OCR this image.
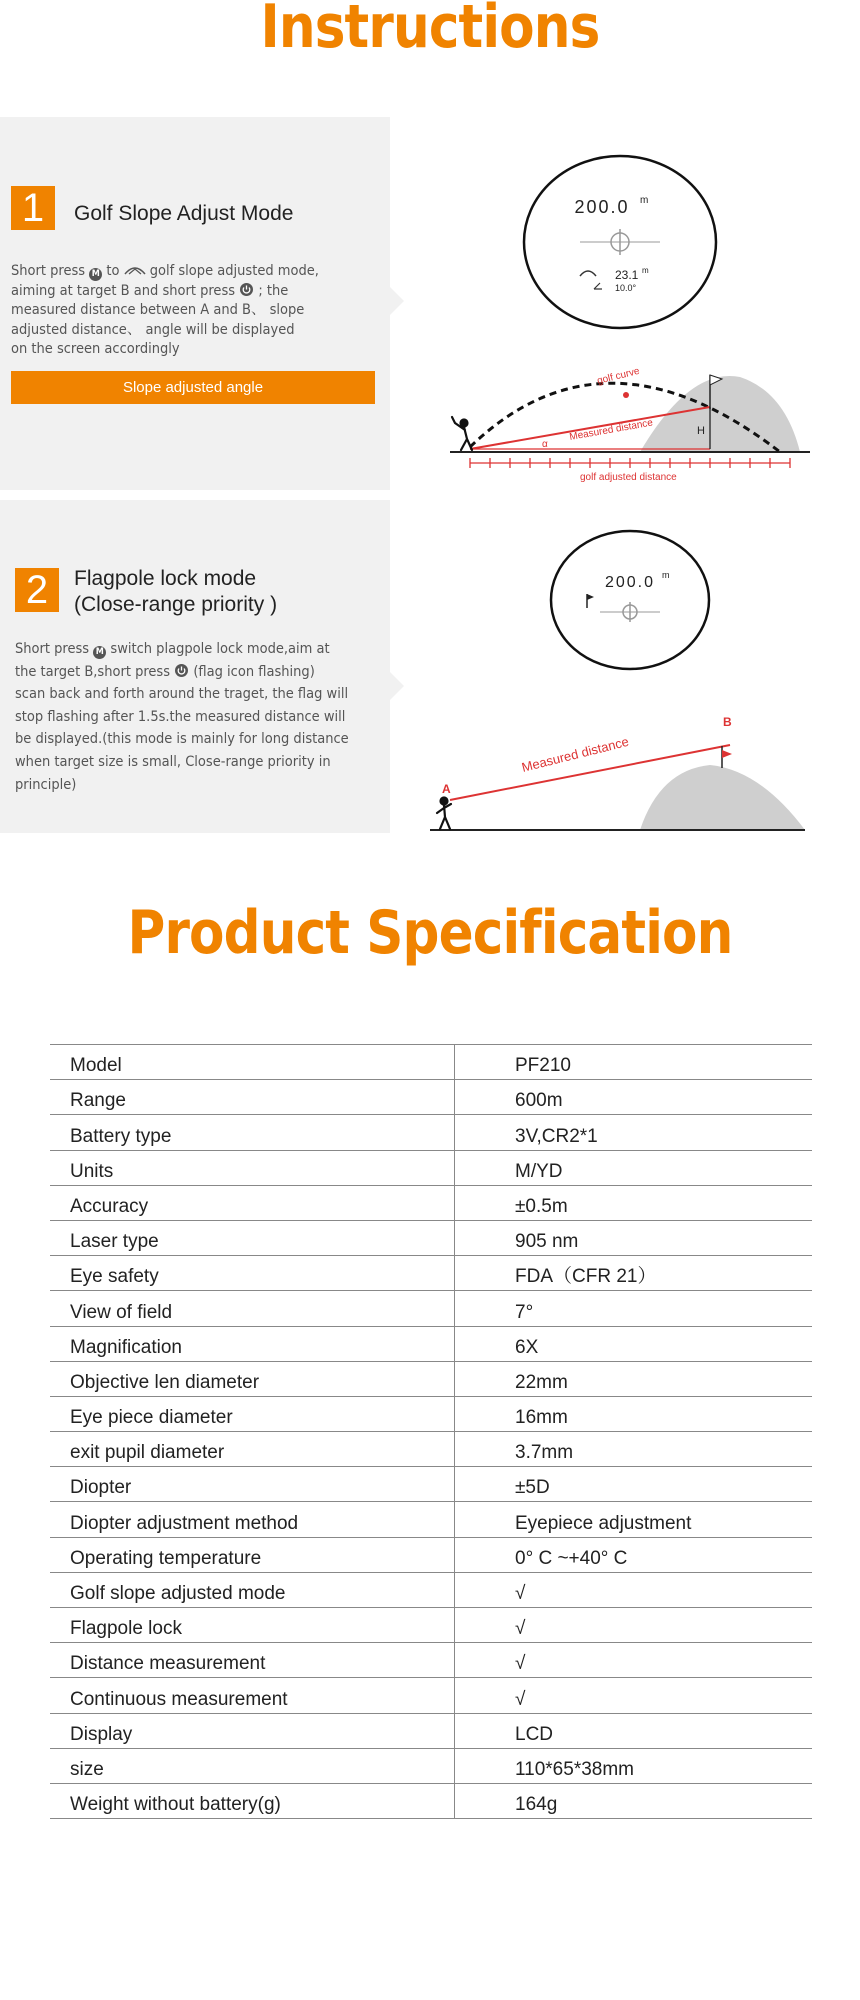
Instructions
1	Golf Slope Adjust Mode
Short press M to  golf slope adjusted mode,
aiming at target B and short press  ; the
measured distance between A and B、 slope
adjusted distance、 angle will be displayed
on the screen accordingly
Slope adjusted angle
200.0 m
23.1 m
10.0°
golf curve
Measured distance
golf adjusted distance
H
α
2	Flagpole lock mode
(Close-range priority )
Short press M switch plagpole lock mode,aim at
the target B,short press  (flag icon flashing)
scan back and forth around the traget, the flag will
stop flashing after 1.5s.the measured distance will
be displayed.(this mode is mainly for long distance
when target size is small, Close-range priority in
principle)
200.0 m
Measured distance
A
B
Product Specification
Model	PF210
Range	600m
Battery type	3V,CR2*1
Units	M/YD
Accuracy	±0.5m
Laser type	905 nm
Eye safety	FDA（CFR 21）
View of field	7°
Magnification	6X
Objective len diameter	22mm
Eye piece diameter	16mm
exit pupil diameter	3.7mm
Diopter	±5D
Diopter adjustment method	Eyepiece adjustment
Operating temperature	0° C ~+40° C
Golf slope adjusted mode	√
Flagpole lock	√
Distance measurement	√
Continuous measurement	√
Display	LCD
size	110*65*38mm
Weight without battery(g)	164g
